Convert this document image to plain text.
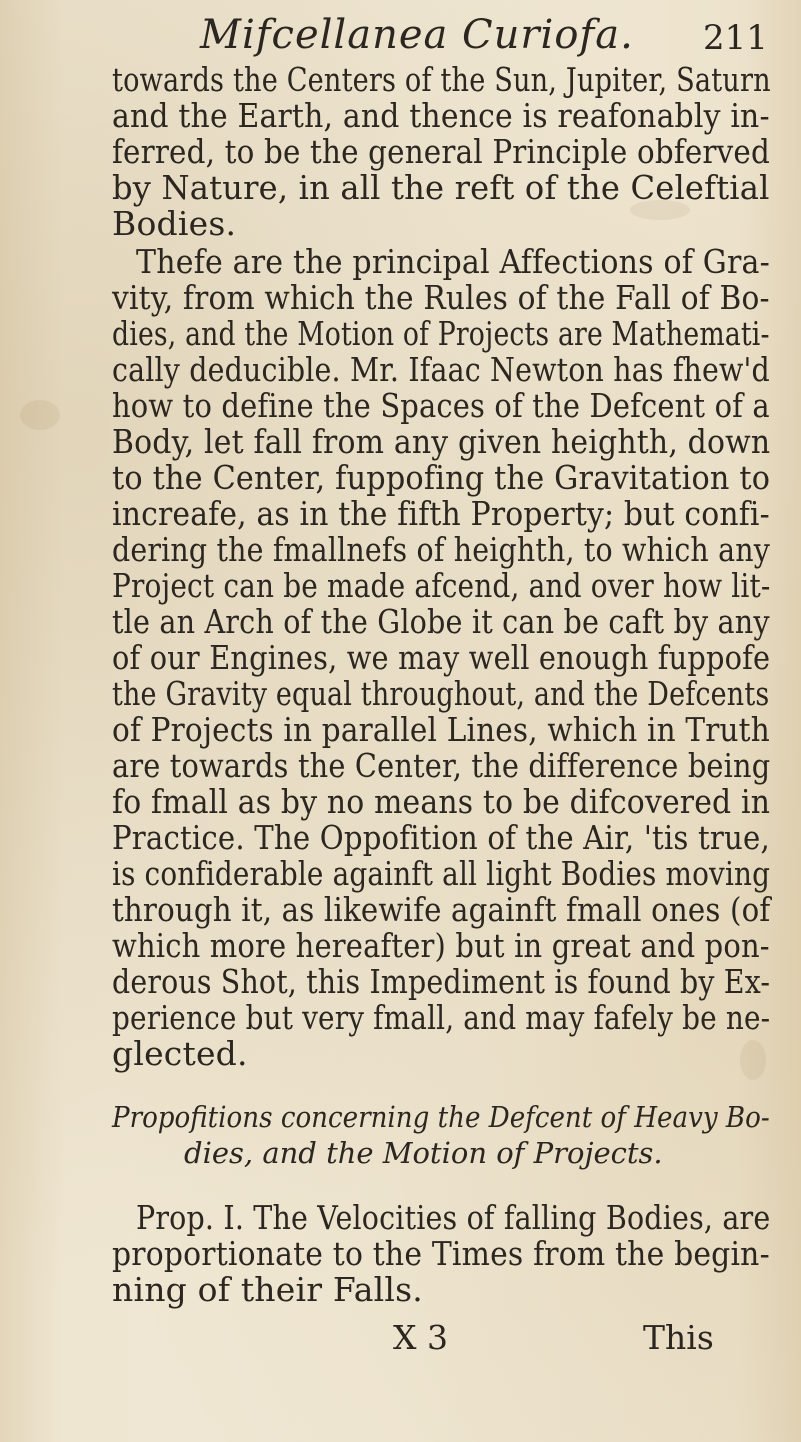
Mifcellanea Curiofa. 211
towards the Centers of the Sun, Jupiter, Saturn
and the Earth, and thence is reafonably in-
ferred, to be the general Principle obferved
by Nature, in all the reft of the Celeftial
Bodies.
Thefe are the principal Affections of Gra-
vity, from which the Rules of the Fall of Bo-
dies, and the Motion of Projects are Mathemati-
cally deducible. Mr. Ifaac Newton has fhew'd
how to define the Spaces of the Defcent of a
Body, let fall from any given heighth, down
to the Center, fuppofing the Gravitation to
increafe, as in the fifth Property; but confi-
dering the fmallnefs of heighth, to which any
Project can be made afcend, and over how lit-
tle an Arch of the Globe it can be caft by any
of our Engines, we may well enough fuppofe
the Gravity equal throughout, and the Defcents
of Projects in parallel Lines, which in Truth
are towards the Center, the difference being
fo fmall as by no means to be difcovered in
Practice. The Oppofition of the Air, 'tis true,
is confiderable againft all light Bodies moving
through it, as likewife againft fmall ones (of
which more hereafter) but in great and pon-
derous Shot, this Impediment is found by Ex-
perience but very fmall, and may fafely be ne-
glected.
Propofitions concerning the Defcent of Heavy Bo-
dies, and the Motion of Projects.
Prop. I. The Velocities of falling Bodies, are
proportionate to the Times from the begin-
ning of their Falls.
X 3	This
